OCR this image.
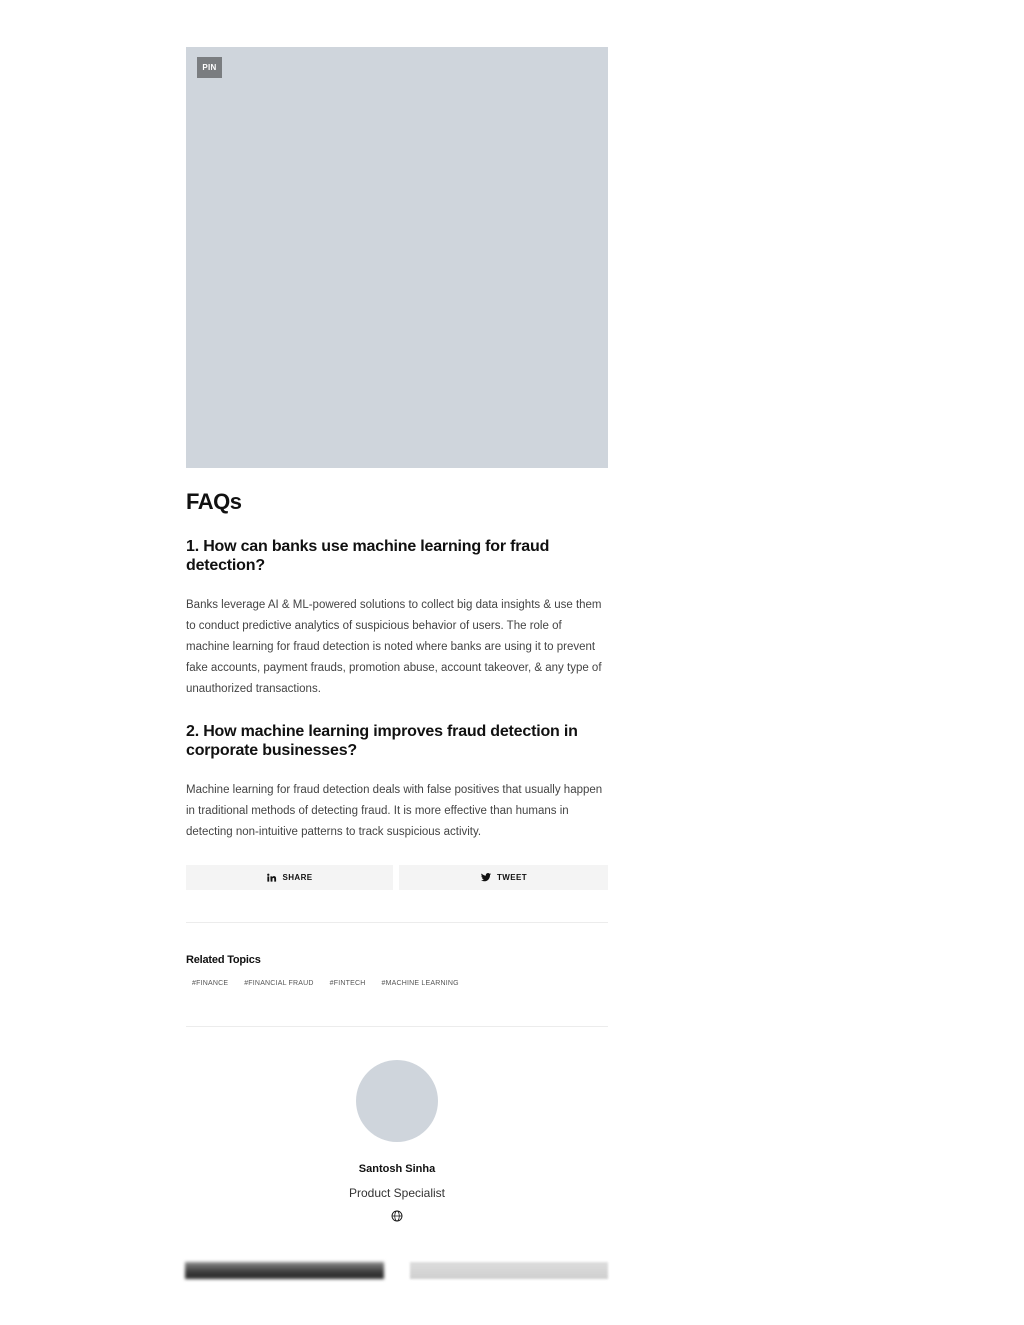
PIN
FAQs
1. How can banks use machine learning for fraud detection?

Banks leverage AI & ML-powered solutions to collect big data insights & use them to conduct predictive analytics of suspicious behavior of users. The role of machine learning for fraud detection is noted where banks are using it to prevent fake accounts, payment frauds, promotion abuse, account takeover, & any type of unauthorized transactions.

2. How machine learning improves fraud detection in corporate businesses?

Machine learning for fraud detection deals with false positives that usually happen in traditional methods of detecting fraud. It is more effective than humans in detecting non-intuitive patterns to track suspicious activity.

SHARE	TWEET
Related Topics
#FINANCE	#FINANCIAL FRAUD	#FINTECH	#MACHINE LEARNING
Santosh Sinha
Product Specialist
